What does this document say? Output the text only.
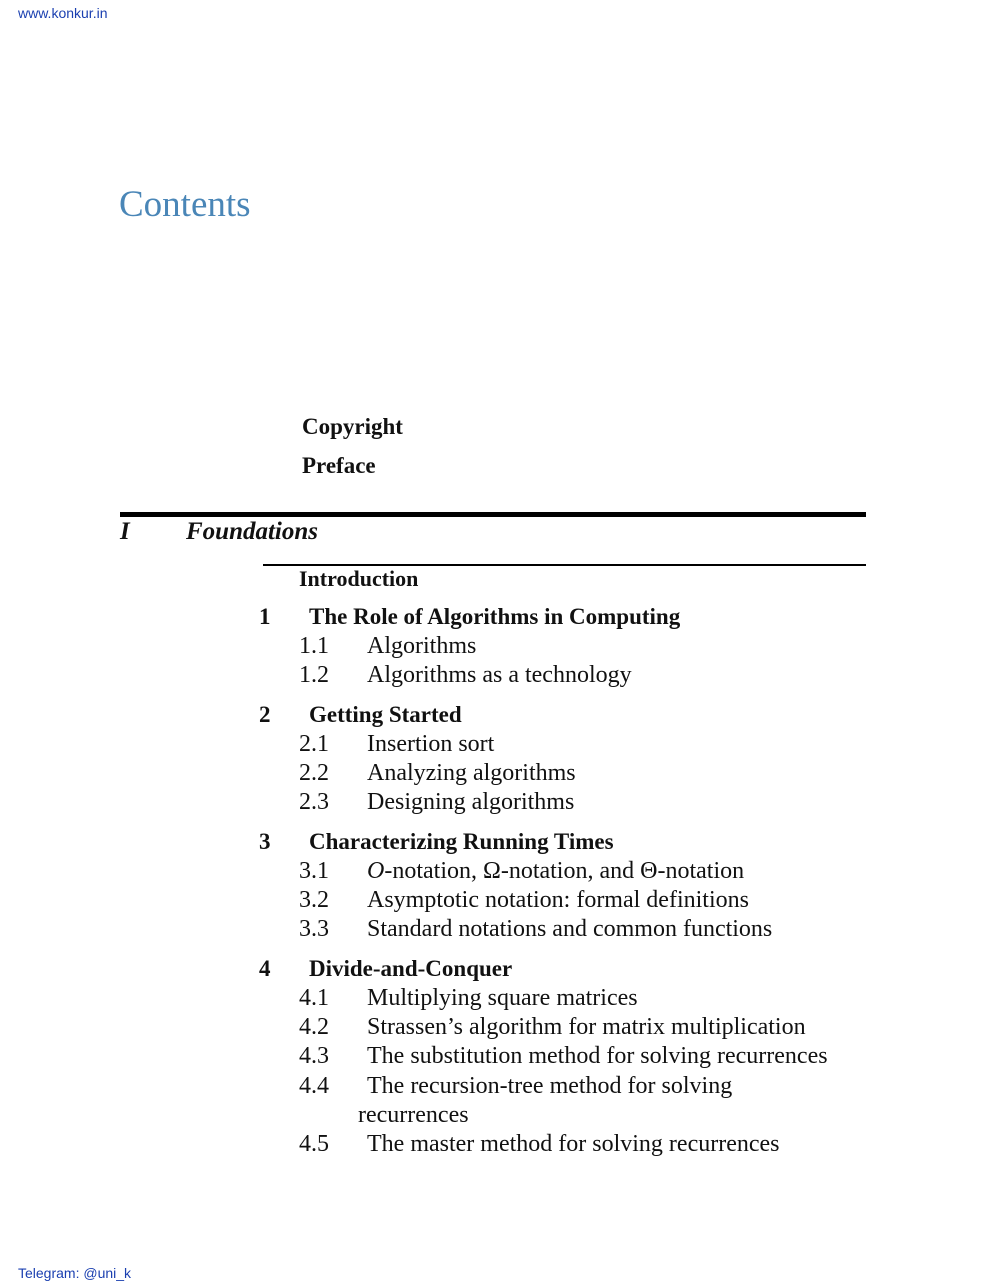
www.konkur.in
Contents
Copyright
Preface
I Foundations
Introduction
1 The Role of Algorithms in Computing
1.1 Algorithms
1.2 Algorithms as a technology
2 Getting Started
2.1 Insertion sort
2.2 Analyzing algorithms
2.3 Designing algorithms
3 Characterizing Running Times
3.1 O-notation, Ω-notation, and Θ-notation
3.2 Asymptotic notation: formal definitions
3.3 Standard notations and common functions
4 Divide-and-Conquer
4.1 Multiplying square matrices
4.2 Strassen’s algorithm for matrix multiplication
4.3 The substitution method for solving recurrences
4.4 The recursion-tree method for solving
recurrences
4.5 The master method for solving recurrences
Telegram: @uni_k
